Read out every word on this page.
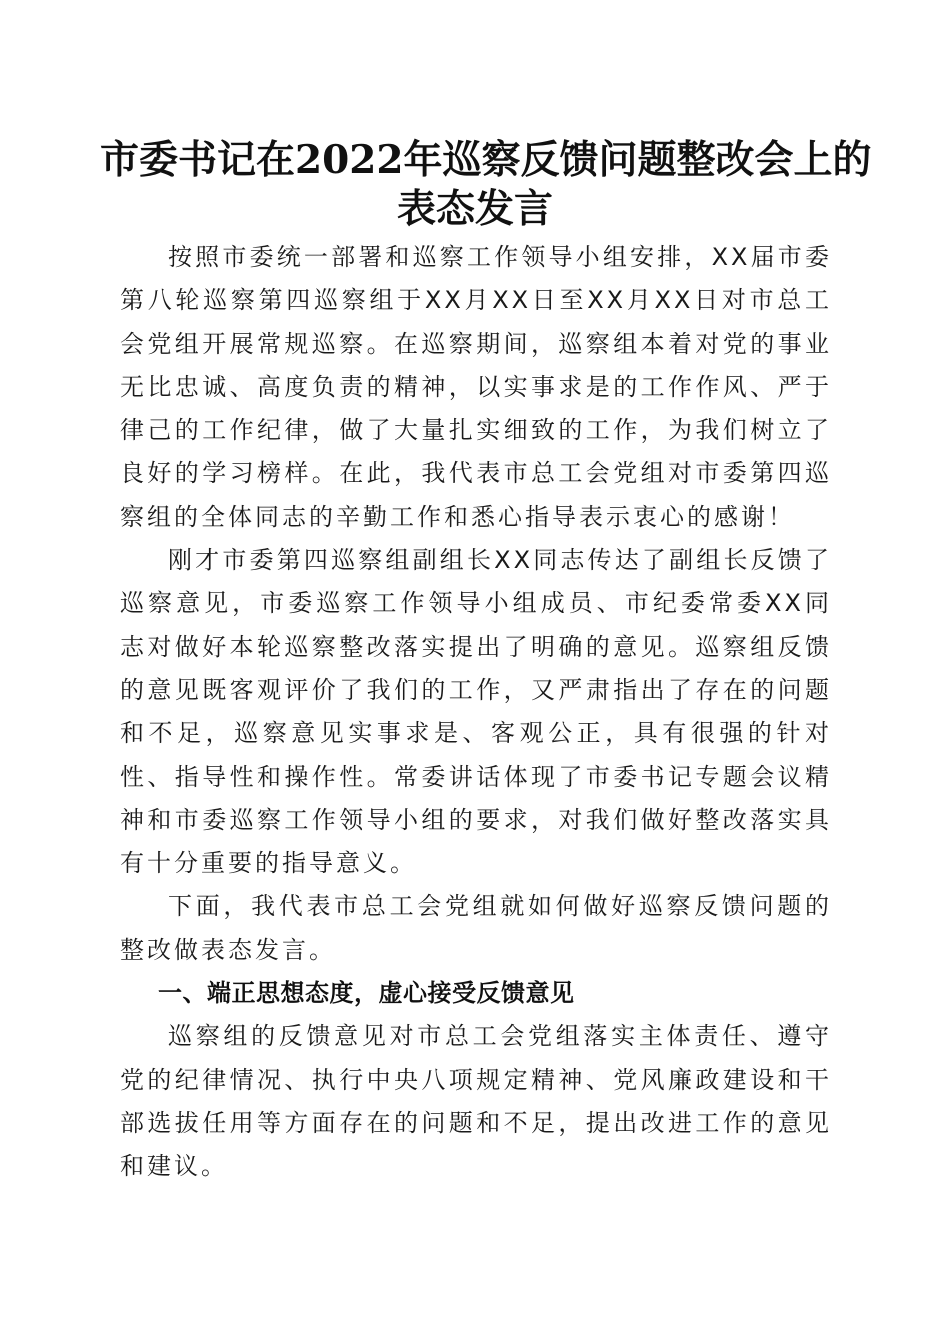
市委书记在2022年巡察反馈问题整改会上的
表态发言

按照市委统一部署和巡察工作领导小组安排，XX届市委第八轮巡察第四巡察组于XX月XX日至XX月XX日对市总工会党组开展常规巡察。在巡察期间，巡察组本着对党的事业无比忠诚、高度负责的精神，以实事求是的工作作风、严于律己的工作纪律，做了大量扎实细致的工作，为我们树立了良好的学习榜样。在此，我代表市总工会党组对市委第四巡察组的全体同志的辛勤工作和悉心指导表示衷心的感谢！

刚才市委第四巡察组副组长XX同志传达了副组长反馈了巡察意见，市委巡察工作领导小组成员、市纪委常委XX同志对做好本轮巡察整改落实提出了明确的意见。巡察组反馈的意见既客观评价了我们的工作，又严肃指出了存在的问题和不足，巡察意见实事求是、客观公正，具有很强的针对性、指导性和操作性。常委讲话体现了市委书记专题会议精神和市委巡察工作领导小组的要求，对我们做好整改落实具有十分重要的指导意义。

下面，我代表市总工会党组就如何做好巡察反馈问题的整改做表态发言。

一、端正思想态度，虚心接受反馈意见

巡察组的反馈意见对市总工会党组落实主体责任、遵守党的纪律情况、执行中央八项规定精神、党风廉政建设和干部选拔任用等方面存在的问题和不足，提出改进工作的意见和建议。
